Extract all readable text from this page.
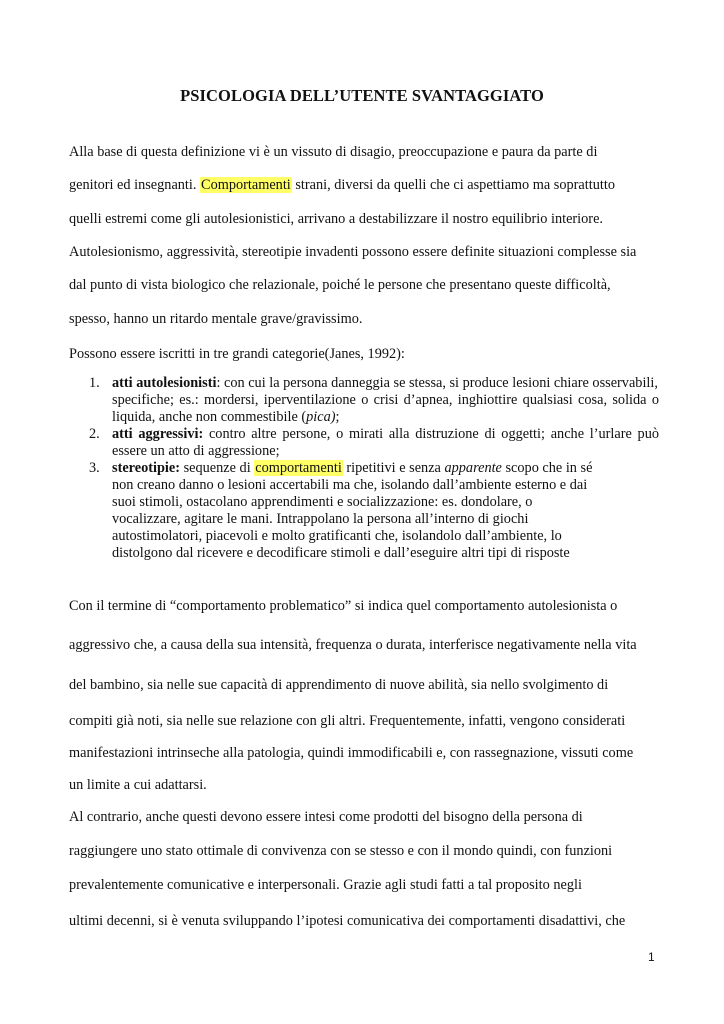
PSICOLOGIA DELL’UTENTE SVANTAGGIATO
Alla base di questa definizione vi è un vissuto di disagio, preoccupazione e paura da parte di
genitori ed insegnanti. Comportamenti strani, diversi da quelli che ci aspettiamo ma soprattutto
quelli estremi come gli autolesionistici, arrivano a destabilizzare il nostro equilibrio interiore.
Autolesionismo, aggressività, stereotipie invadenti possono essere definite situazioni complesse sia
dal punto di vista biologico che relazionale, poiché le persone che presentano queste difficoltà,
spesso, hanno un ritardo mentale grave/gravissimo.
Possono essere iscritti in tre grandi categorie(Janes, 1992):
1. atti autolesionisti: con cui la persona danneggia se stessa, si produce lesioni chiare osservabili,
specifiche; es.: mordersi, iperventilazione o crisi d’apnea, inghiottire qualsiasi cosa, solida o liquida, anche non commestibile (pica);
2. atti aggressivi: contro altre persone, o mirati alla distruzione di oggetti; anche l’urlare può essere un atto di aggressione;
3. stereotipie: sequenze di comportamenti ripetitivi e senza apparente scopo che in sé
non creano danno o lesioni accertabili ma che, isolando dall’ambiente esterno e dai
suoi stimoli, ostacolano apprendimenti e socializzazione: es. dondolare, o
vocalizzare, agitare le mani. Intrappolano la persona all’interno di giochi
autostimolatori, piacevoli e molto gratificanti che, isolandolo dall’ambiente, lo
distolgono dal ricevere e decodificare stimoli e dall’eseguire altri tipi di risposte
Con il termine di “comportamento problematico” si indica quel comportamento autolesionista o
aggressivo che, a causa della sua intensità, frequenza o durata, interferisce negativamente nella vita
del bambino, sia nelle sue capacità di apprendimento di nuove abilità, sia nello svolgimento di
compiti già noti, sia nelle sue relazione con gli altri. Frequentemente, infatti, vengono considerati
manifestazioni intrinseche alla patologia, quindi immodificabili e, con rassegnazione, vissuti come
un limite a cui adattarsi.
Al contrario, anche questi devono essere intesi come prodotti del bisogno della persona di
raggiungere uno stato ottimale di convivenza con se stesso e con il mondo quindi, con funzioni
prevalentemente comunicative e interpersonali. Grazie agli studi fatti a tal proposito negli
ultimi decenni, si è venuta sviluppando l’ipotesi comunicativa dei comportamenti disadattivi, che
1
